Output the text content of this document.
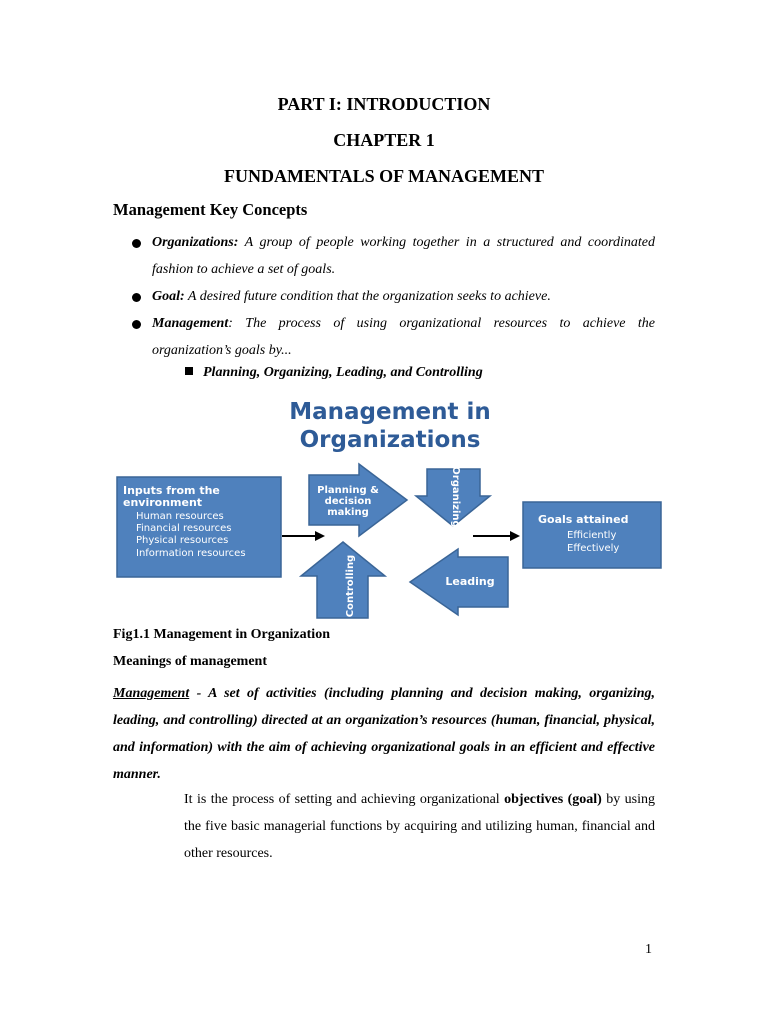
PART I: INTRODUCTION
CHAPTER 1
FUNDAMENTALS OF MANAGEMENT
Management Key Concepts
Organizations: A group of people working together in a structured and coordinated fashion to achieve a set of goals.
Goal: A desired future condition that the organization seeks to achieve.
Management: The process of using organizational resources to achieve the organization’s goals by...
Planning, Organizing, Leading, and Controlling
Management in
Organizations
Inputs from the
environment
Human resources
Financial resources
Physical resources
Information resources
Planning &
decision
making	Organizing
Controlling	Leading
Goals attained
Efficiently
Effectively
Fig1.1 Management in Organization
Meanings of management
Management - A set of activities (including planning and decision making, organizing, leading, and controlling) directed at an organization’s resources (human, financial, physical, and information) with the aim of achieving organizational goals in an efficient and effective manner.
It is the process of setting and achieving organizational objectives (goal) by using the five basic managerial functions by acquiring and utilizing human, financial and other resources.
1
